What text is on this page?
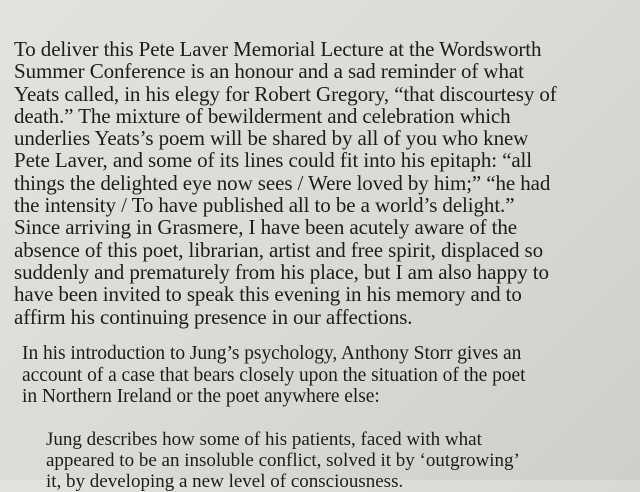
To deliver this Pete Laver Memorial Lecture at the Wordsworth
Summer Conference is an honour and a sad reminder of what
Yeats called, in his elegy for Robert Gregory, “that discourtesy of
death.” The mixture of bewilderment and celebration which
underlies Yeats’s poem will be shared by all of you who knew
Pete Laver, and some of its lines could fit into his epitaph: “all
things the delighted eye now sees / Were loved by him;” “he had
the intensity / To have published all to be a world’s delight.”
Since arriving in Grasmere, I have been acutely aware of the
absence of this poet, librarian, artist and free spirit, displaced so
suddenly and prematurely from his place, but I am also happy to
have been invited to speak this evening in his memory and to
affirm his continuing presence in our affections.

In his introduction to Jung’s psychology, Anthony Storr gives an
account of a case that bears closely upon the situation of the poet
in Northern Ireland or the poet anywhere else:

Jung describes how some of his patients, faced with what
appeared to be an insoluble conflict, solved it by ‘outgrowing’
it, by developing a new level of consciousness.
